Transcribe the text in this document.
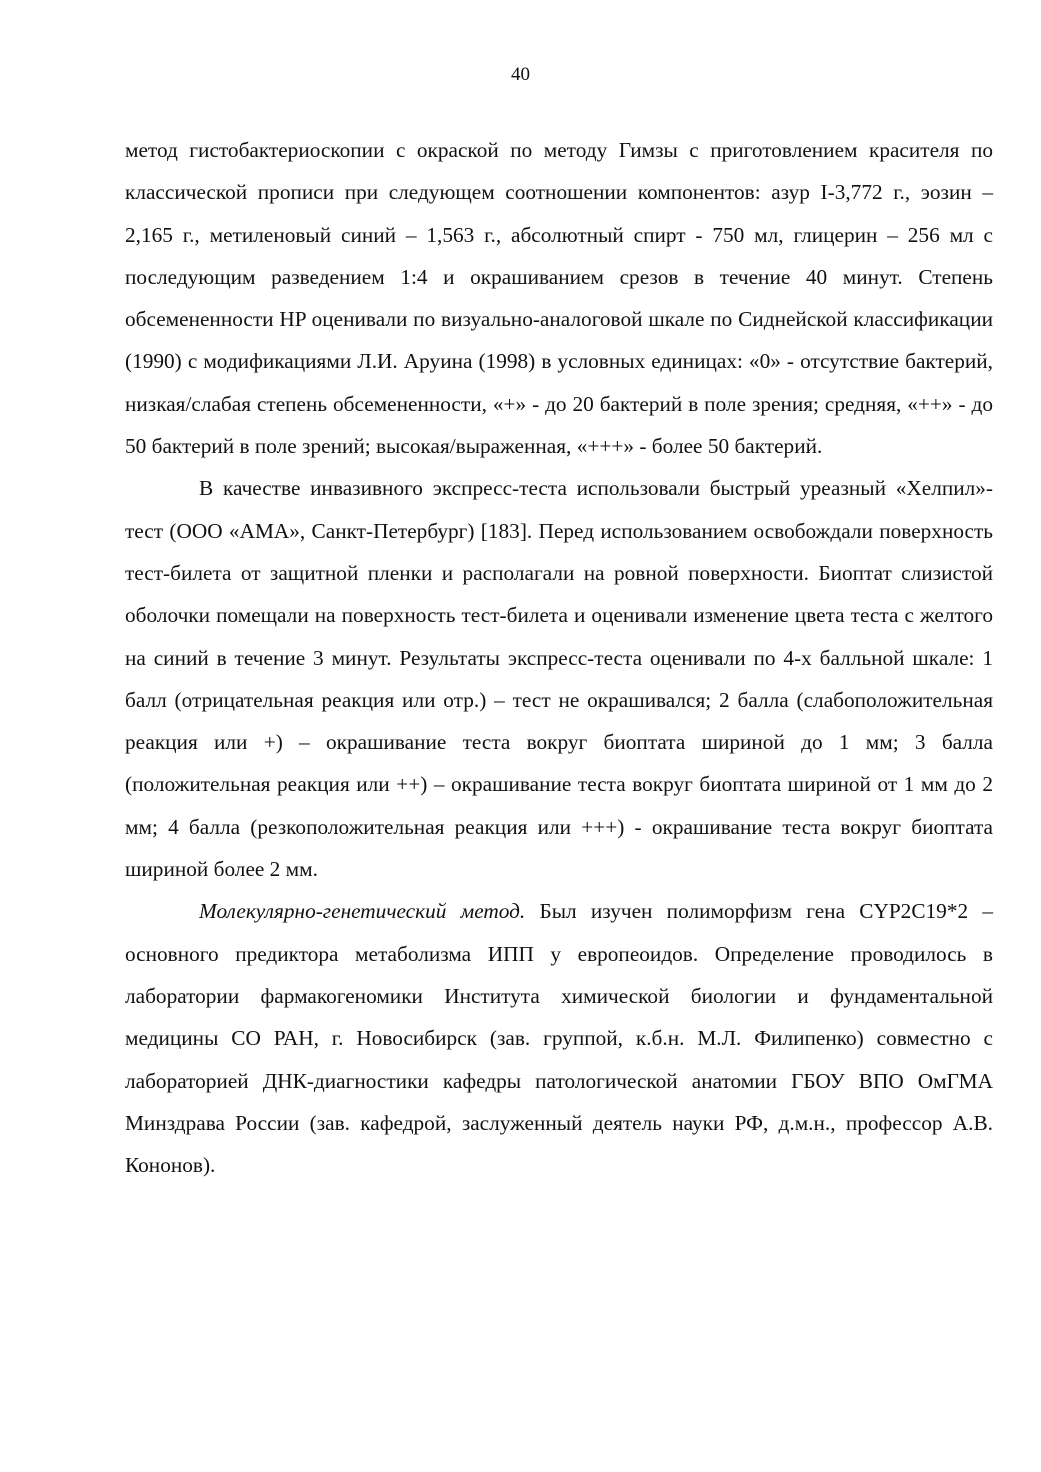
40

метод гистобактериоскопии с окраской по методу Гимзы с приготовлением красителя по классической прописи при следующем соотношении компонентов: азур I-3,772 г., эозин – 2,165 г., метиленовый синий – 1,563 г., абсолютный спирт - 750 мл, глицерин – 256 мл с последующим разведением 1:4 и окрашиванием срезов в течение 40 минут. Степень обсемененности HP оценивали по визуально-аналоговой шкале по Сиднейской классификации (1990) с модификациями Л.И. Аруина (1998) в условных единицах: «0» - отсутствие бактерий, низкая/слабая степень обсемененности, «+» - до 20 бактерий в поле зрения; средняя, «++» - до 50 бактерий в поле зрений; высокая/выраженная, «+++» - более 50 бактерий.

В качестве инвазивного экспресс-теста использовали быстрый уреазный «Хелпил»-тест (ООО «АМА», Санкт-Петербург) [183]. Перед использованием освобождали поверхность тест-билета от защитной пленки и располагали на ровной поверхности. Биоптат слизистой оболочки помещали на поверхность тест-билета и оценивали изменение цвета теста с желтого на синий в течение 3 минут. Результаты экспресс-теста оценивали по 4-х балльной шкале: 1 балл (отрицательная реакция или отр.) – тест не окрашивался; 2 балла (слабоположительная реакция или +) – окрашивание теста вокруг биоптата шириной до 1 мм; 3 балла (положительная реакция или ++) – окрашивание теста вокруг биоптата шириной от 1 мм до 2 мм; 4 балла (резкоположительная реакция или +++) - окрашивание теста вокруг биоптата шириной более 2 мм.

Молекулярно-генетический метод. Был изучен полиморфизм гена CYP2C19*2 – основного предиктора метаболизма ИПП у европеоидов. Определение проводилось в лаборатории фармакогеномики Института химической биологии и фундаментальной медицины СО РАН, г. Новосибирск (зав. группой, к.б.н. М.Л. Филипенко) совместно с лабораторией ДНК-диагностики кафедры патологической анатомии ГБОУ ВПО ОмГМА Минздрава России (зав. кафедрой, заслуженный деятель науки РФ, д.м.н., профессор А.В. Кононов).
